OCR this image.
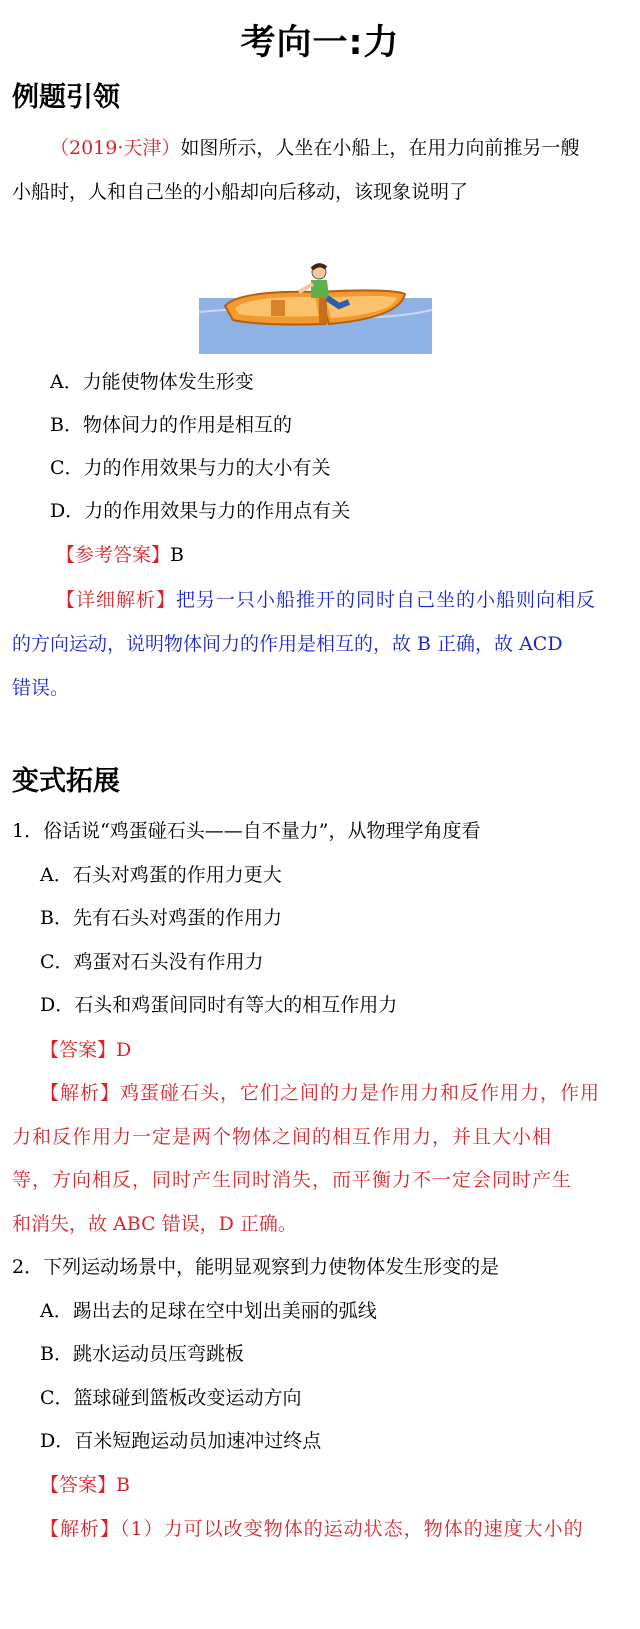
考向一:力
例题引领
（2019·天津）如图所示，人坐在小船上，在用力向前推另一艘
小船时，人和自己坐的小船却向后移动，该现象说明了
A．力能使物体发生形变
B．物体间力的作用是相互的
C．力的作用效果与力的大小有关
D．力的作用效果与力的作用点有关
【参考答案】B
【详细解析】把另一只小船推开的同时自己坐的小船则向相反
的方向运动，说明物体间力的作用是相互的，故 B 正确，故 ACD
错误。
变式拓展
1．俗话说“鸡蛋碰石头——自不量力”，从物理学角度看
A．石头对鸡蛋的作用力更大
B．先有石头对鸡蛋的作用力
C．鸡蛋对石头没有作用力
D．石头和鸡蛋间同时有等大的相互作用力
【答案】D
【解析】鸡蛋碰石头，它们之间的力是作用力和反作用力，作用
力和反作用力一定是两个物体之间的相互作用力，并且大小相
等，方向相反，同时产生同时消失，而平衡力不一定会同时产生
和消失，故 ABC 错误，D 正确。
2．下列运动场景中，能明显观察到力使物体发生形变的是
A．踢出去的足球在空中划出美丽的弧线
B．跳水运动员压弯跳板
C．篮球碰到篮板改变运动方向
D．百米短跑运动员加速冲过终点
【答案】B
【解析】（1）力可以改变物体的运动状态，物体的速度大小的
